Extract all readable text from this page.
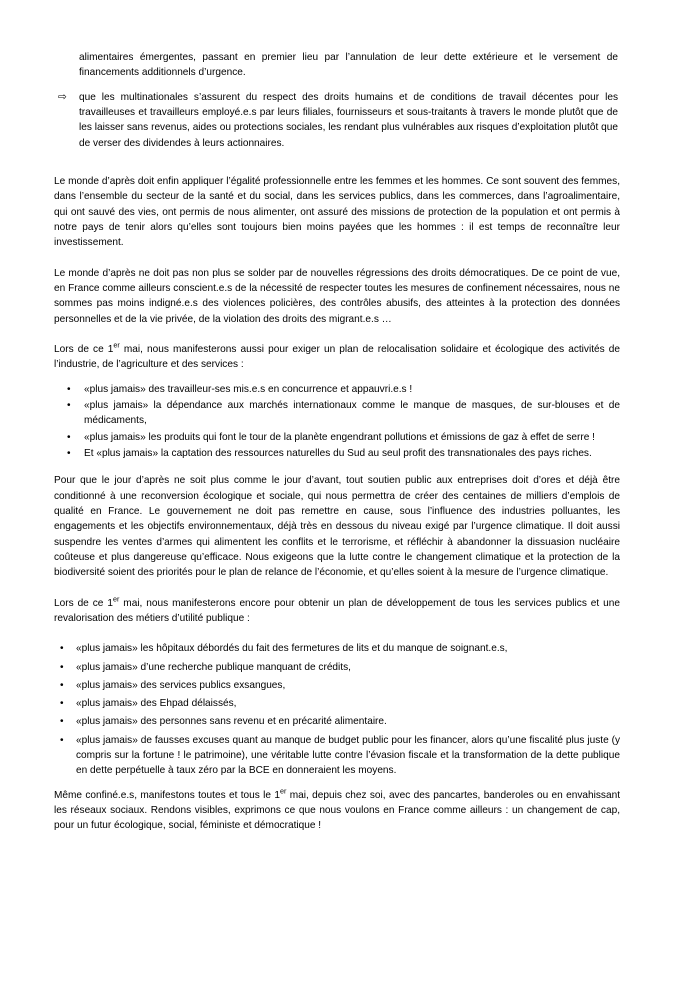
alimentaires émergentes, passant en premier lieu par l’annulation de leur dette extérieure et le versement de financements additionnels d’urgence.
⇨	que les multinationales s’assurent du respect des droits humains et de conditions de travail décentes pour les travailleuses et travailleurs employé.e.s par leurs filiales, fournisseurs et sous-traitants à travers le monde plutôt que de les laisser sans revenus, aides ou protections sociales, les rendant plus vulnérables aux risques d’exploitation plutôt que de verser des dividendes à leurs actionnaires.
Le monde d’après doit enfin appliquer l’égalité professionnelle entre les femmes et les hommes. Ce sont souvent des femmes, dans l’ensemble du secteur de la santé et du social, dans les services publics, dans les commerces, dans l’agroalimentaire, qui ont sauvé des vies, ont permis de nous alimenter, ont assuré des missions de protection de la population et ont permis à notre pays de tenir alors qu’elles sont toujours bien moins payées que les hommes : il est temps de reconnaître leur investissement.
Le monde d’après ne doit pas non plus se solder par de nouvelles régressions des droits démocratiques. De ce point de vue, en France comme ailleurs conscient.e.s de la nécessité de respecter toutes les mesures de confinement nécessaires, nous ne sommes pas moins indigné.e.s des violences policières, des contrôles abusifs, des atteintes à la protection des données personnelles et de la vie privée, de la violation des droits des migrant.e.s …
Lors de ce 1er mai, nous manifesterons aussi pour exiger un plan de relocalisation solidaire et écologique des activités de l’industrie, de l’agriculture et des services :
•	«plus jamais» des travailleur-ses mis.e.s en concurrence et appauvri.e.s !
•	«plus jamais» la dépendance aux marchés internationaux comme le manque de masques, de sur-blouses et de médicaments,
•	«plus jamais» les produits qui font le tour de la planète engendrant pollutions et émissions de gaz à effet de serre !
•	Et «plus jamais» la captation des ressources naturelles du Sud au seul profit des transnationales des pays riches.
Pour que le jour d’après ne soit plus comme le jour d’avant, tout soutien public aux entreprises doit d’ores et déjà être conditionné à une reconversion écologique et sociale, qui nous permettra de créer des centaines de milliers d’emplois de qualité en France. Le gouvernement ne doit pas remettre en cause, sous l’influence des industries polluantes, les engagements et les objectifs environnementaux, déjà très en dessous du niveau exigé par l’urgence climatique. Il doit aussi suspendre les ventes d’armes qui alimentent les conflits et le terrorisme, et réfléchir à abandonner la dissuasion nucléaire coûteuse et plus dangereuse qu’efficace. Nous exigeons que la lutte contre le changement climatique et la protection de la biodiversité soient des priorités pour le plan de relance de l’économie, et qu’elles soient à la mesure de l’urgence climatique.
Lors de ce 1er mai, nous manifesterons encore pour obtenir un plan de développement de tous les services publics et une revalorisation des métiers d’utilité publique :
•	«plus jamais» les hôpitaux débordés du fait des fermetures de lits et du manque de soignant.e.s,
•	«plus jamais» d’une recherche publique manquant de crédits,
•	«plus jamais» des services publics exsangues,
•	«plus jamais» des Ehpad délaissés,
•	«plus jamais» des personnes sans revenu et en précarité alimentaire.
•	«plus jamais» de fausses excuses quant au manque de budget public pour les financer, alors qu’une fiscalité plus juste (y compris sur la fortune ! le patrimoine), une véritable lutte contre l’évasion fiscale et la transformation de la dette publique en dette perpétuelle à taux zéro par la BCE en donneraient les moyens.
Même confiné.e.s, manifestons toutes et tous le 1er mai, depuis chez soi, avec des pancartes, banderoles ou en envahissant les réseaux sociaux. Rendons visibles, exprimons ce que nous voulons en France comme ailleurs : un changement de cap, pour un futur écologique, social, féministe et démocratique !
